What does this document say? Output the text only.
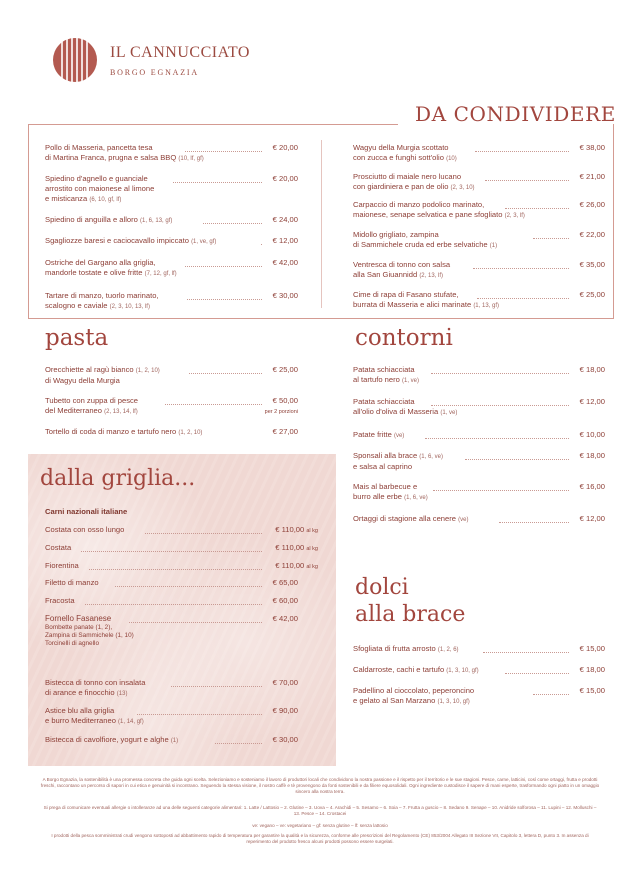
IL CANNUCCIATO
BORGO EGNAZIA
DA CONDIVIDERE
Pollo di Masseria, pancetta tesa
di Martina Franca, prugna e salsa BBQ (10, lf, gf)
€ 20,00
Spiedino d'agnello e guanciale
arrostito con maionese al limone
e misticanza (6, 10, gf, lf)
€ 20,00
Spiedino di anguilla e alloro (1, 6, 13, gf)	€ 24,00
Sgagliozze baresi e caciocavallo impiccato (1, ve, gf)	€ 12,00
Ostriche del Gargano alla griglia,
mandorle tostate e olive fritte (7, 12, gf, lf)
€ 42,00
Tartare di manzo, tuorlo marinato,
scalogno e caviale (2, 3, 10, 13, lf)
€ 30,00
Wagyu della Murgia scottato
con zucca e funghi sott'olio (10)
€ 38,00
Prosciutto di maiale nero lucano
con giardiniera e pan de olio (2, 3, 10)
€ 21,00
Carpaccio di manzo podolico marinato,
maionese, senape selvatica e pane sfogliato (2, 3, lf)
€ 26,00
Midollo grigliato, zampina
di Sammichele cruda ed erbe selvatiche (1)
€ 22,00
Ventresca di tonno con salsa
alla San Giuannidd (2, 13, lf)
€ 35,00
Cime di rapa di Fasano stufate,
burrata di Masseria e alici marinate (1, 13, gf)
€ 25,00
pasta
Orecchiette al ragù bianco (1, 2, 10)
di Wagyu della Murgia
€ 25,00
Tubetto con zuppa di pesce
del Mediterraneo (2, 13, 14, lf)
€ 50,00
per 2 porzioni
Tortello di coda di manzo e tartufo nero (1, 2, 10)	€ 27,00
contorni
Patata schiacciata
al tartufo nero (1, ve)
€ 18,00
Patata schiacciata
all'olio d'oliva di Masseria (1, ve)
€ 12,00
Patate fritte (ve)	€ 10,00
Sponsali alla brace (1, 6, ve)
e salsa al caprino
€ 18,00
Mais al barbecue e
burro alle erbe (1, 6, ve)
€ 16,00
Ortaggi di stagione alla cenere (ve)	€ 12,00
dalla griglia...
Carni nazionali italiane
Costata con osso lungo	€ 110,00 al kg
Costata	€ 110,00 al kg
Fiorentina	€ 110,00 al kg
Filetto di manzo	€ 65,00
Fracosta	€ 60,00
Fornello Fasanese
Bombette panate (1, 2),
Zampina di Sammichele (1, 10)
Torcinelli di agnello
€ 42,00
Bistecca di tonno con insalata
di arance e finocchio (13)
€ 70,00
Astice blu alla griglia
e burro Mediterraneo (1, 14, gf)
€ 90,00
Bistecca di cavolfiore, yogurt e alghe (1)	€ 30,00
dolci
alla brace
Sfogliata di frutta arrosto (1, 2, 6)	€ 15,00
Caldarroste, cachi e tartufo (1, 3, 10, gf)	€ 18,00
Padellino al cioccolato, peperoncino
e gelato al San Marzano (1, 3, 10, gf)
€ 15,00
A Borgo Egnazia, la sostenibilità è una promessa concreta che guida ogni scelta. Selezioniamo e sosteniamo il lavoro di produttori locali che condividono la nostra passione e il rispetto per il territorio e le sue stagioni. Pesce, carne, latticini, così come ortaggi, frutta e prodotti freschi, raccontano un percorso di sapori in cui etica e genuinità si incontrano. Seguendo la stessa visione, il nostro caffè e tè provengono da fonti sostenibili e da filiere equosolidali. Ogni ingrediente custodisce il sapere di mani esperte, trasformando ogni piatto in un omaggio sincero alla nostra terra.
Si prega di comunicare eventuali allergie o intolleranze ad una delle seguenti categorie alimentari: 1. Latte / Lattosio – 2. Glutine – 3. Uova – 4. Arachidi – 5. Sesamo – 6. Soia – 7. Frutta a guscio – 8. Sedano 9. Senape – 10. Anidride solforosa – 11. Lupini – 12. Molluschi – 13. Pesce – 14. Crostacei
ve: vegano – ve: vegetariano – gf: senza glutine – lf: senza lattosio
I prodotti della pesca somministrati crudi vengono sottoposti ad abbattimento rapido di temperatura per garantire la qualità e la sicurezza, conforme alle prescrizioni del Regolamento (CE) 853/2004 Allegato III Sezione VII, Capitolo 3, lettera D, punto 3. In assenza di reperimento del prodotto fresco alcuni prodotti possono essere surgelati.
